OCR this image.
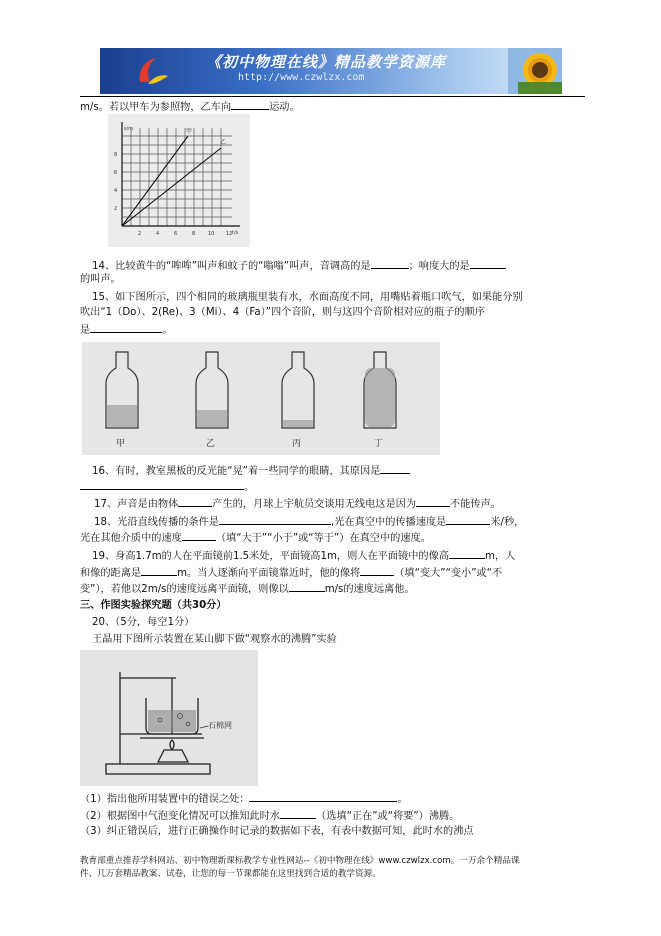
《初中物理在线》精品教学资源库
http://www.czwlzx.com
m/s。若以甲车为参照物，乙车向	运动。
s/m
t/s
甲
乙
2
4
6
8
2	4	6	8	10 12
14、比较黄牛的“哞哞”叫声和蚊子的“嗡嗡”叫声，音调高的是	；响度大的是
的叫声。
15、如下图所示，四个相同的玻璃瓶里装有水，水面高度不同，用嘴贴着瓶口吹气，如果能分别
吹出“1（Do）、2(Re)、3（Mi）、4（Fa）”四个音阶，则与这四个音阶相对应的瓶子的顺序
是	。
甲	乙	丙	丁
16、有时，教室黑板的反光能“晃”着一些同学的眼睛，其原因是
。
17、声音是由物体	产生的，月球上宇航员交谈用无线电这是因为	不能传声。
18、光沿直线传播的条件是	,光在真空中的传播速度是	米/秒，
光在其他介质中的速度	（填“大于”“小于”或“等于”）在真空中的速度。
19、身高1.7m的人在平面镜前1.5米处，平面镜高1m，则人在平面镜中的像高	m，人
和像的距离是	m。当人逐渐向平面镜靠近时，他的像将	（填“变大”“变小”或“不
变”），若他以2m/s的速度远离平面镜，则像以	m/s的速度远离他。
三、作图实验探究题（共30分）
20、（5分，每空1分）
王晶用下图所示装置在某山脚下做“观察水的沸腾”实验
石棉网
（1）指出他所用装置中的错误之处：	。
（2）根据图中气泡变化情况可以推知此时水	（选填“正在”或“将要”）沸腾。
（3）纠正错误后，进行正确操作时记录的数据如下表，有表中数据可知，此时水的沸点
教育部重点推荐学科网站、初中物理新课标教学专业性网站--《初中物理在线》www.czwlzx.com。一万余个精品课
件、几万套精品教案、试卷，让您的每一节课都能在这里找到合适的教学资源。
